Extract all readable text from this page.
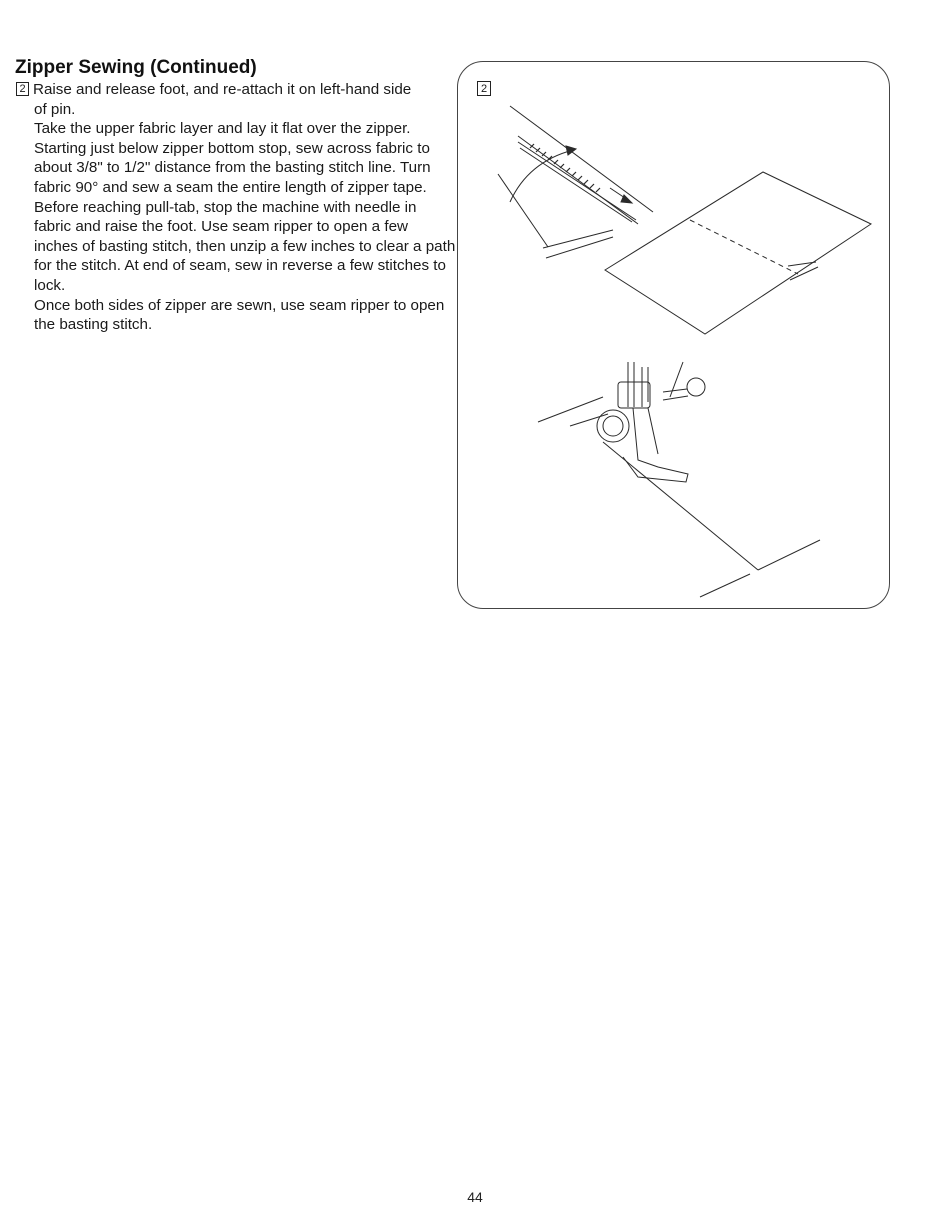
Zipper Sewing (Continued)
2 Raise and release foot, and re-attach it on left-hand side

of pin.

Take the upper fabric layer and lay it flat over the zipper. Starting just below zipper bottom stop, sew across fabric to about 3/8" to 1/2" distance from the basting stitch line. Turn fabric 90° and sew a seam the entire length of zipper tape. Before reaching pull-tab, stop the machine with needle in fabric and raise the foot. Use seam ripper to open a few inches of basting stitch, then unzip a few inches to clear a path for the stitch. At end of seam, sew in reverse a few stitches to lock.

Once both sides of zipper are sewn, use seam ripper to open the basting stitch.

2
44
